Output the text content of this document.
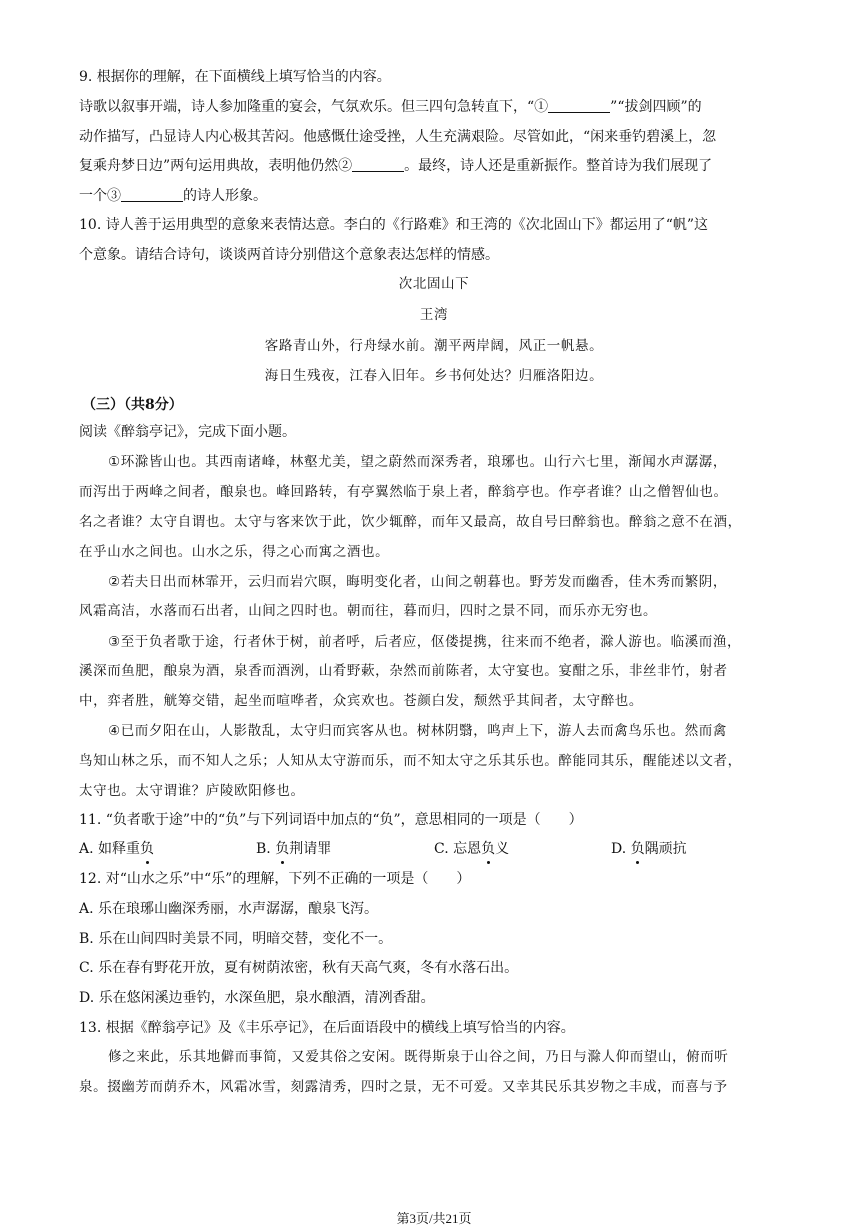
9. 根据你的理解，在下面横线上填写恰当的内容。
诗歌以叙事开端，诗人参加隆重的宴会，气氛欢乐。但三四句急转直下，“①	”“拔剑四顾”的
动作描写，凸显诗人内心极其苦闷。他感慨仕途受挫，人生充满艰险。尽管如此，“闲来垂钓碧溪上，忽
复乘舟梦日边”两句运用典故，表明他仍然②	。最终，诗人还是重新振作。整首诗为我们展现了
一个③	的诗人形象。
10. 诗人善于运用典型的意象来表情达意。李白的《行路难》和王湾的《次北固山下》都运用了“帆”这
个意象。请结合诗句，谈谈两首诗分别借这个意象表达怎样的情感。
次北固山下
王湾
客路青山外，行舟绿水前。潮平两岸阔，风正一帆悬。
海日生残夜，江春入旧年。乡书何处达？归雁洛阳边。
（三）（共8分）
阅读《醉翁亭记》，完成下面小题。
①环滁皆山也。其西南诸峰，林壑尤美，望之蔚然而深秀者，琅琊也。山行六七里，渐闻水声潺潺，
而泻出于两峰之间者，酿泉也。峰回路转，有亭翼然临于泉上者，醉翁亭也。作亭者谁？山之僧智仙也。
名之者谁？太守自谓也。太守与客来饮于此，饮少辄醉，而年又最高，故自号曰醉翁也。醉翁之意不在酒，
在乎山水之间也。山水之乐，得之心而寓之酒也。
②若夫日出而林霏开，云归而岩穴暝，晦明变化者，山间之朝暮也。野芳发而幽香，佳木秀而繁阴，
风霜高洁，水落而石出者，山间之四时也。朝而往，暮而归，四时之景不同，而乐亦无穷也。
③至于负者歌于途，行者休于树，前者呼，后者应，伛偻提携，往来而不绝者，滁人游也。临溪而渔，
溪深而鱼肥，酿泉为酒，泉香而酒洌，山肴野蔌，杂然而前陈者，太守宴也。宴酣之乐，非丝非竹，射者
中，弈者胜，觥筹交错，起坐而喧哗者，众宾欢也。苍颜白发，颓然乎其间者，太守醉也。
④已而夕阳在山，人影散乱，太守归而宾客从也。树林阴翳，鸣声上下，游人去而禽鸟乐也。然而禽
鸟知山林之乐，而不知人之乐；人知从太守游而乐，而不知太守之乐其乐也。醉能同其乐，醒能述以文者，
太守也。太守谓谁？庐陵欧阳修也。
11. “负者歌于途”中的“负”与下列词语中加点的“负”，意思相同的一项是（　　）
A. 如释重负	B. 负荆请罪	C. 忘恩负义	D. 负隅顽抗
12. 对“山水之乐”中“乐”的理解，下列不正确的一项是（　　）
A. 乐在琅琊山幽深秀丽，水声潺潺，酿泉飞泻。
B. 乐在山间四时美景不同，明暗交替，变化不一。
C. 乐在春有野花开放，夏有树荫浓密，秋有天高气爽，冬有水落石出。
D. 乐在悠闲溪边垂钓，水深鱼肥，泉水酿酒，清冽香甜。
13. 根据《醉翁亭记》及《丰乐亭记》，在后面语段中的横线上填写恰当的内容。
修之来此，乐其地僻而事简，又爱其俗之安闲。既得斯泉于山谷之间，乃日与滁人仰而望山，俯而听
泉。掇幽芳而荫乔木，风霜冰雪，刻露清秀，四时之景，无不可爱。又幸其民乐其岁物之丰成，而喜与予
第3页/共21页
